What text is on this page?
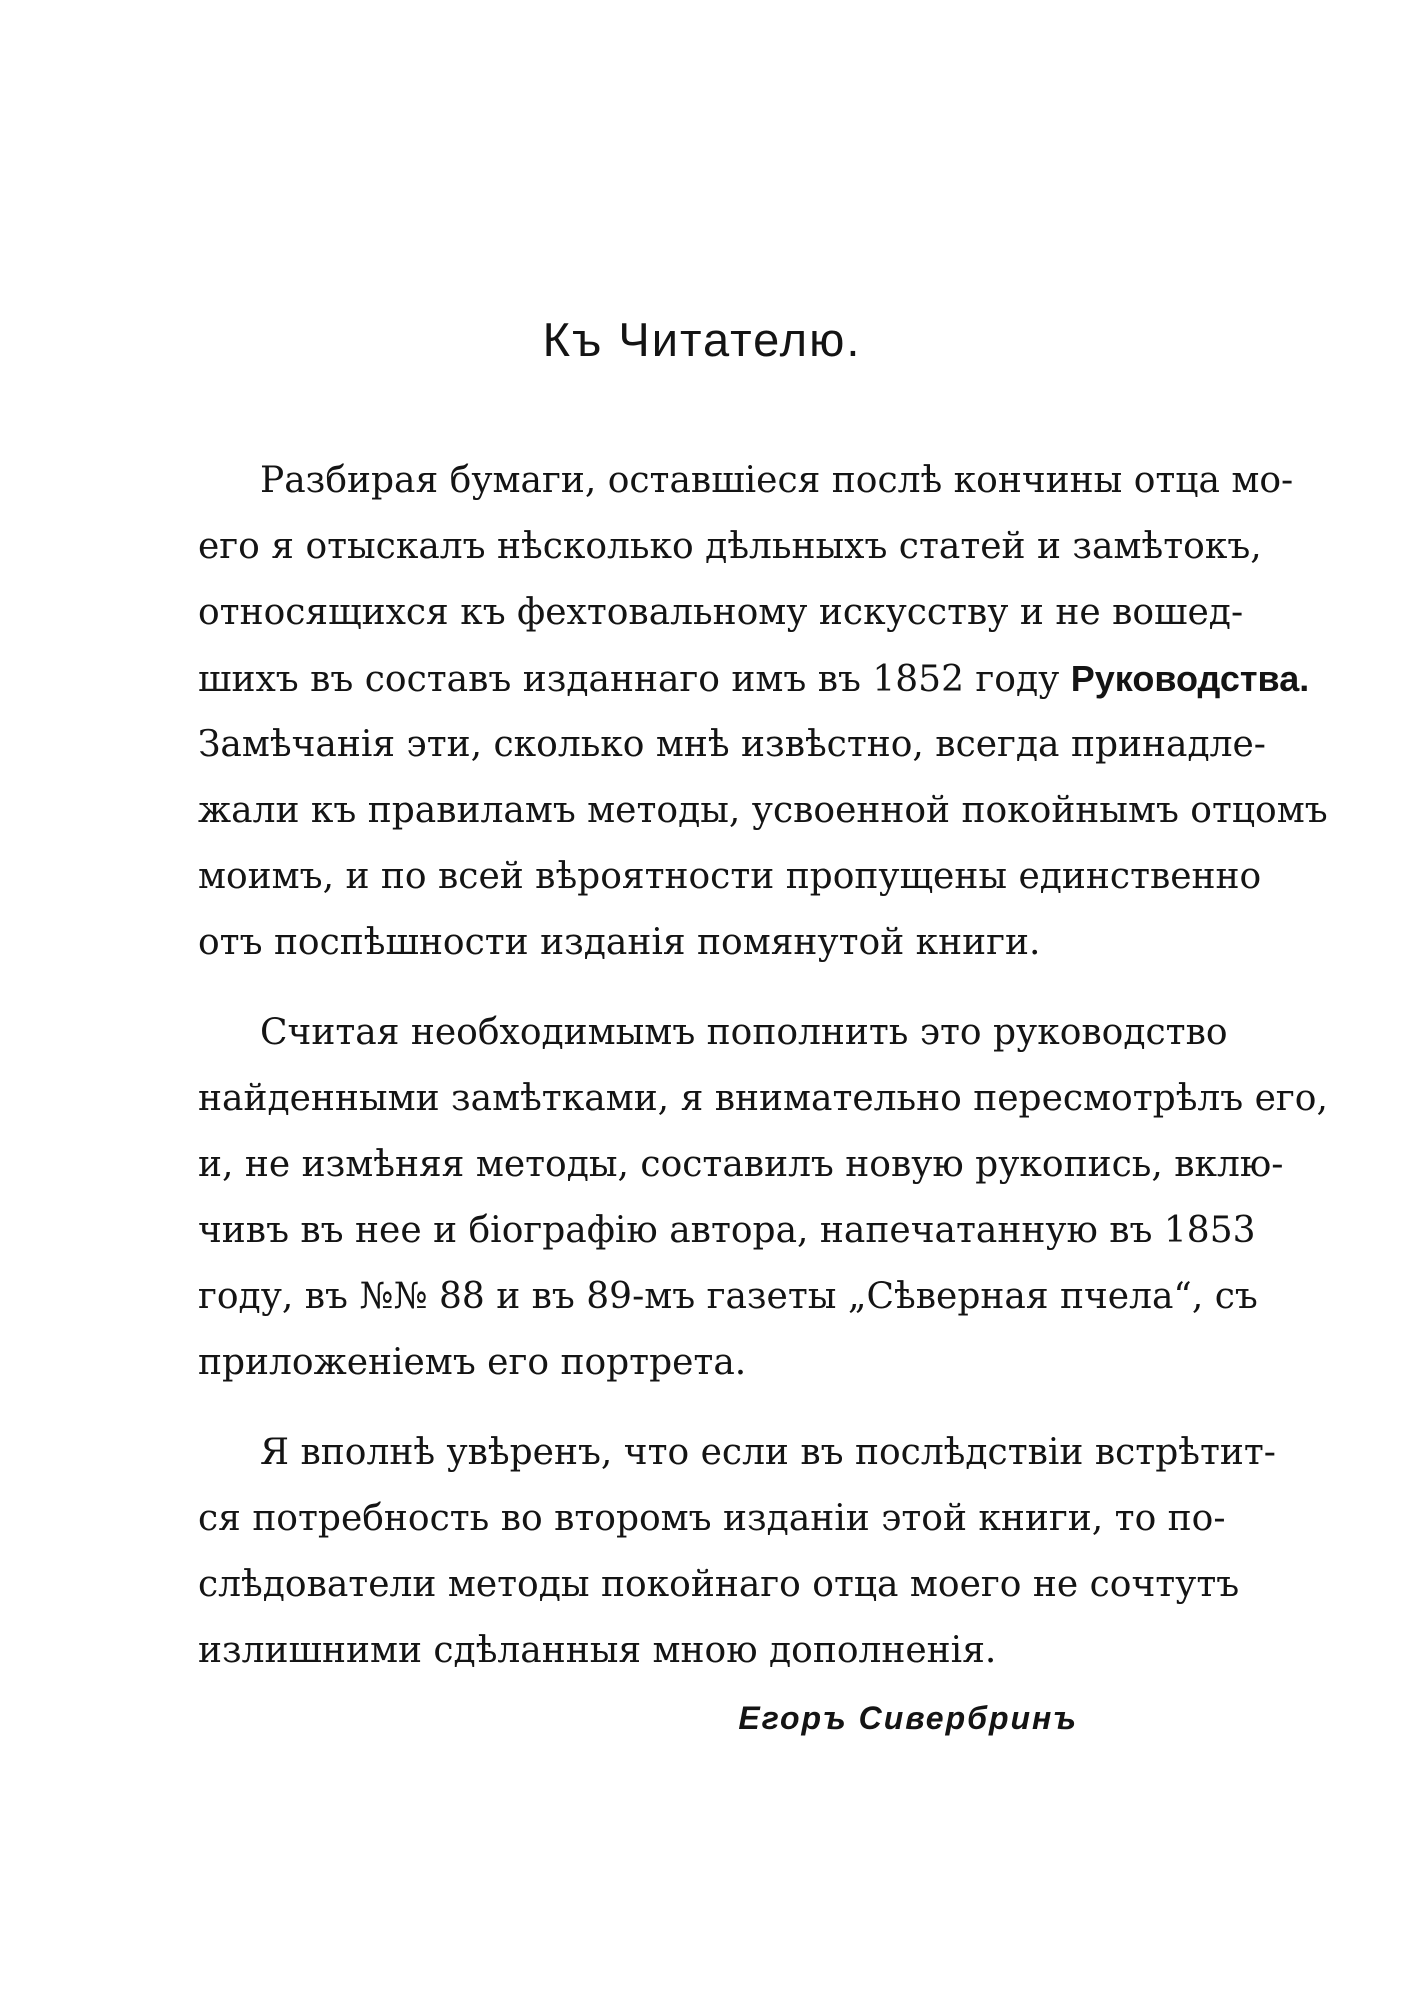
Къ Читателю.
Разбирая бумаги, оставшіеся послѣ кончины отца мо-
его я отыскалъ нѣсколько дѣльныхъ статей и замѣтокъ,
относящихся къ фехтовальному искусству и не вошед-
шихъ въ составъ изданнаго имъ въ 1852 году Руководства.
Замѣчанія эти, сколько мнѣ извѣстно, всегда принадле-
жали къ правиламъ методы, усвоенной покойнымъ отцомъ
моимъ, и по всей вѣроятности пропущены единственно
отъ поспѣшности изданія помянутой книги.
Считая необходимымъ пополнить это руководство
найденными замѣтками, я внимательно пересмотрѣлъ его,
и, не измѣняя методы, составилъ новую рукопись, вклю-
чивъ въ нее и біографію автора, напечатанную въ 1853
году, въ №№ 88 и въ 89-мъ газеты „Сѣверная пчела“, съ
приложеніемъ его портрета.
Я вполнѣ увѣренъ, что если въ послѣдствіи встрѣтит-
ся потребность во второмъ изданіи этой книги, то по-
слѣдователи методы покойнаго отца моего не сочтутъ
излишними сдѣланныя мною дополненія.
Егоръ Сивербринъ
